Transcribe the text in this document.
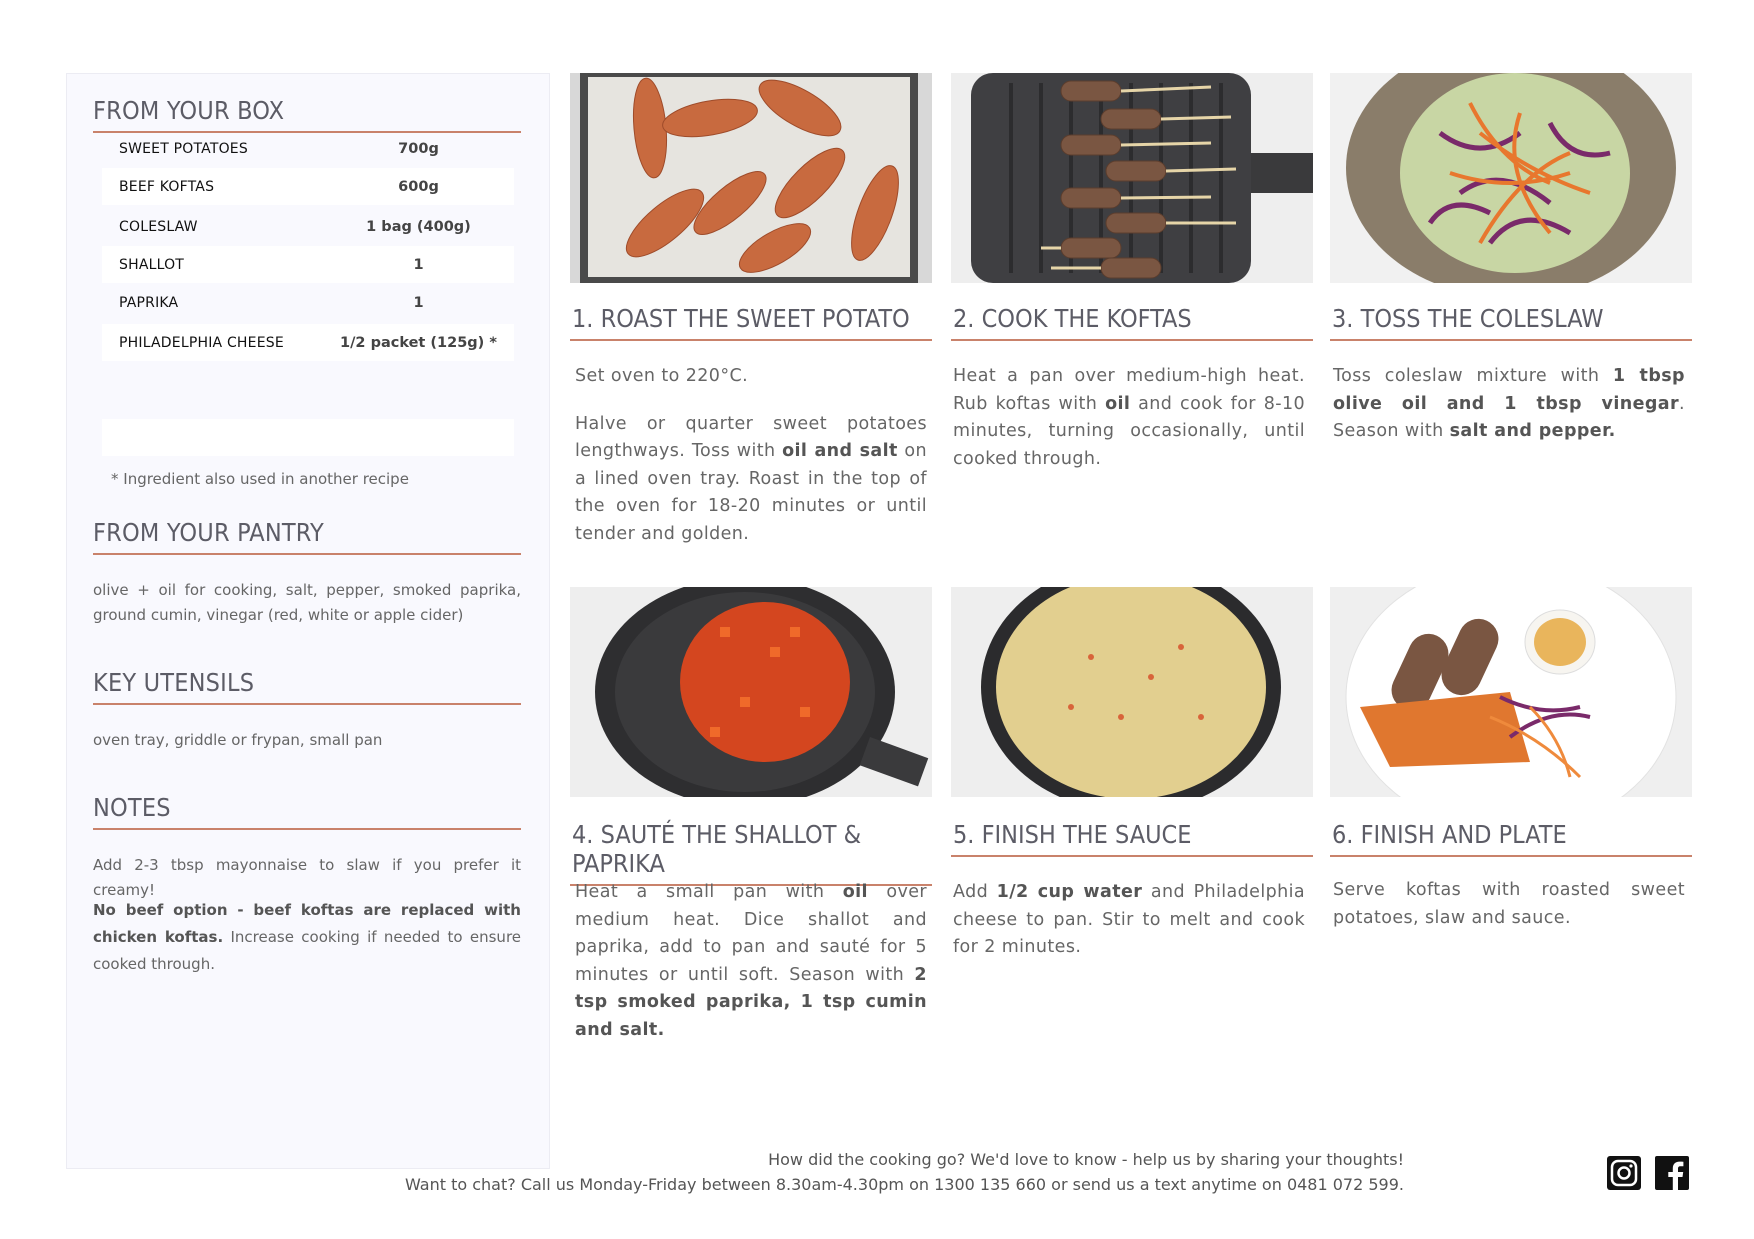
FROM YOUR BOX
SWEET POTATOES	700g
BEEF KOFTAS	600g
COLESLAW	1 bag (400g)
SHALLOT	1
PAPRIKA	1
PHILADELPHIA CHEESE	1/2 packet (125g) *
* Ingredient also used in another recipe
FROM YOUR PANTRY

olive + oil for cooking, salt, pepper, smoked paprika, ground cumin, vinegar (red, white or apple cider)

KEY UTENSILS

oven tray, griddle or frypan, small pan

NOTES

Add 2-3 tbsp mayonnaise to slaw if you prefer it creamy!

No beef option - beef koftas are replaced with chicken koftas. Increase cooking if needed to ensure cooked through.

1. ROAST THE SWEET POTATO
Set oven to 220°C.
Halve or quarter sweet potatoes lengthways. Toss with oil and salt on a lined oven tray. Roast in the top of the oven for 18-20 minutes or until tender and golden.
2. COOK THE KOFTAS
Heat a pan over medium-high heat. Rub koftas with oil and cook for 8-10 minutes, turning occasionally, until cooked through.
3. TOSS THE COLESLAW
Toss coleslaw mixture with 1 tbsp olive oil and 1 tbsp vinegar. Season with salt and pepper.
4. SAUTÉ THE SHALLOT & PAPRIKA
Heat a small pan with oil over medium heat. Dice shallot and paprika, add to pan and sauté for 5 minutes or until soft. Season with 2 tsp smoked paprika, 1 tsp cumin and salt.
5. FINISH THE SAUCE
Add 1/2 cup water and Philadelphia cheese to pan. Stir to melt and cook for 2 minutes.
6. FINISH AND PLATE
Serve koftas with roasted sweet potatoes, slaw and sauce.
How did the cooking go? We'd love to know - help us by sharing your thoughts!
Want to chat? Call us Monday-Friday between 8.30am-4.30pm on 1300 135 660 or send us a text anytime on 0481 072 599.
